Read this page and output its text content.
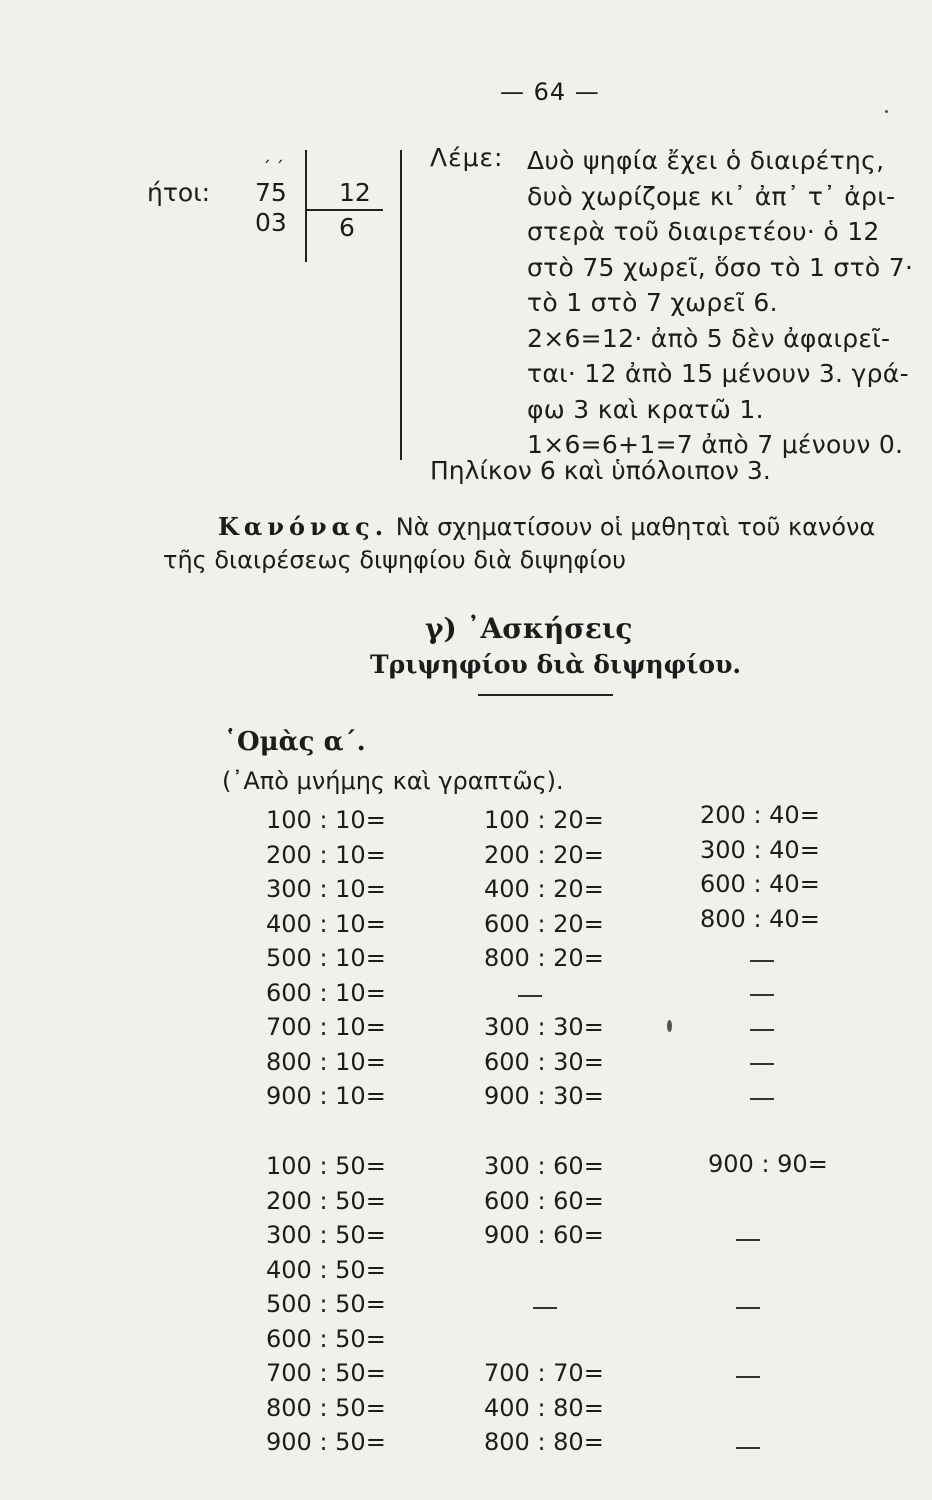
— 64 —
ήτοι:
΄΄
75
03
12
6
Λέμε: Δυὸ ψηφία ἔχει ὁ διαιρέτης,
δυὸ χωρίζομε κι᾽ ἀπ᾽ τ᾽ ἀρι-
στερὰ τοῦ διαιρετέου· ὁ 12
στὸ 75 χωρεῖ, ὅσο τὸ 1 στὸ 7·
τὸ 1 στὸ 7 χωρεῖ 6.
2×6=12· ἀπὸ 5 δὲν ἀφαιρεῖ-
ται· 12 ἀπὸ 15 μένουν 3. γρά-
φω 3 καὶ κρατῶ 1.
1×6=6+1=7 ἀπὸ 7 μένουν 0.
Πηλίκον 6 καὶ ὑπόλοιπον 3.
Κανόνας. Νὰ σχηματίσουν οἱ μαθηταὶ τοῦ κανόνα
τῆς διαιρέσεως διψηφίου διὰ διψηφίου
γ) ᾿Ασκήσεις
Τριψηφίου διὰ διψηφίου.
῾Ομὰς α΄.
(᾿Απὸ μνήμης καὶ γραπτῶς).
100 : 10=
200 : 10=
300 : 10=
400 : 10=
500 : 10=
600 : 10=
700 : 10=
800 : 10=
900 : 10=
100 : 50=
200 : 50=
300 : 50=
400 : 50=
500 : 50=
600 : 50=
700 : 50=
800 : 50=
900 : 50=
100 : 20=
200 : 20=
400 : 20=
600 : 20=
800 : 20=
300 : 30=
600 : 30=
900 : 30=
300 : 60=
600 : 60=
900 : 60=
700 : 70=
400 : 80=
800 : 80=
200 : 40=
300 : 40=
600 : 40=
800 : 40=
900 : 90=
